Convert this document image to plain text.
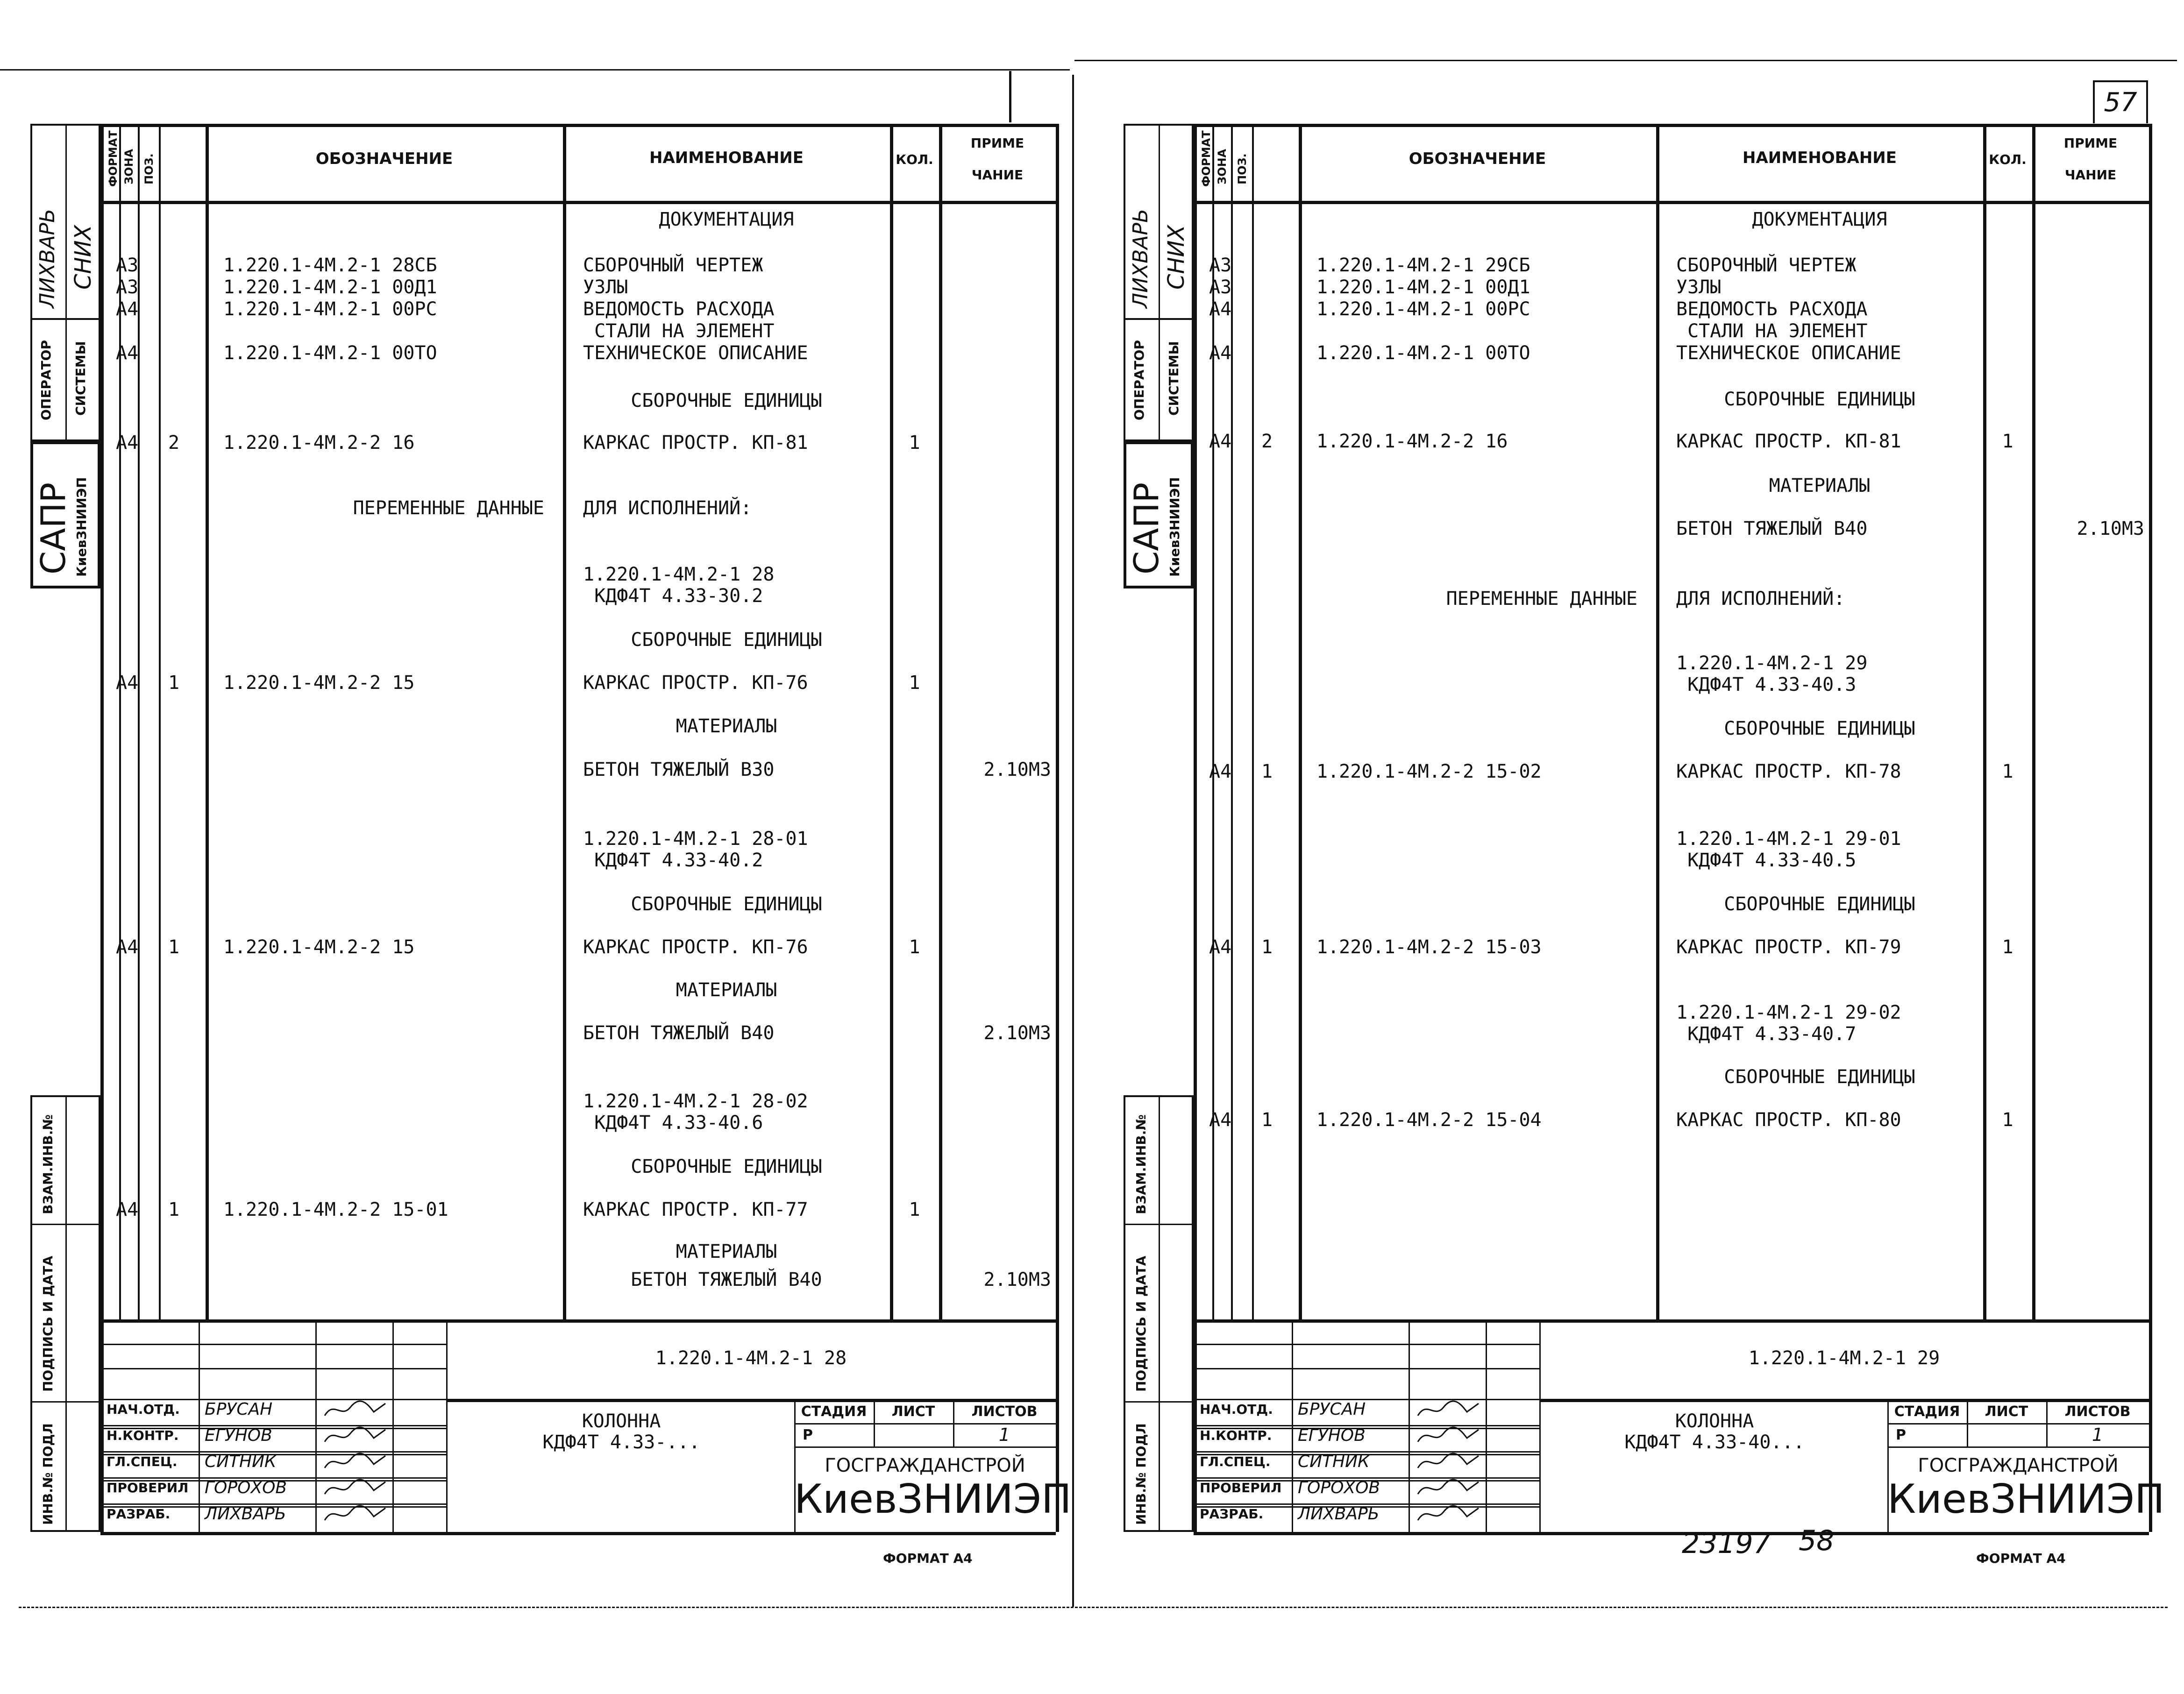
57
ФОРМАТ ЗОНА ПОЗ.	ОБОЗНАЧЕНИЕ	НАИМЕНОВАНИЕ	КОЛ.
ПРИМЕ
ЧАНИЕ
ДОКУМЕНТАЦИЯ
А3	1.220.1-4М.2-1 28СБ	СБОРОЧНЫЙ ЧЕРТЕЖ
А3	1.220.1-4М.2-1 00Д1	УЗЛЫ
А4	1.220.1-4М.2-1 00РС	ВЕДОМОСТЬ РАСХОДА
СТАЛИ НА ЭЛЕМЕНТ
А4	1.220.1-4М.2-1 00ТО	ТЕХНИЧЕСКОЕ ОПИСАНИЕ
СБОРОЧНЫЕ ЕДИНИЦЫ
А4 2 1.220.1-4М.2-2 16	КАРКАС ПРОСТР. КП-81	1
ПЕРЕМЕННЫЕ ДАННЫЕ ДЛЯ ИСПОЛНЕНИЙ:
1.220.1-4М.2-1 28
КДФ4Т 4.33-30.2
СБОРОЧНЫЕ ЕДИНИЦЫ
А4 1 1.220.1-4М.2-2 15	КАРКАС ПРОСТР. КП-76	1
МАТЕРИАЛЫ
БЕТОН ТЯЖЕЛЫЙ В30	2.10М3
1.220.1-4М.2-1 28-01
КДФ4Т 4.33-40.2
СБОРОЧНЫЕ ЕДИНИЦЫ
А4 1 1.220.1-4М.2-2 15	КАРКАС ПРОСТР. КП-76	1
МАТЕРИАЛЫ
БЕТОН ТЯЖЕЛЫЙ В40	2.10М3
1.220.1-4М.2-1 28-02
КДФ4Т 4.33-40.6
СБОРОЧНЫЕ ЕДИНИЦЫ
А4 1 1.220.1-4М.2-2 15-01	КАРКАС ПРОСТР. КП-77	1
МАТЕРИАЛЫ
БЕТОН ТЯЖЕЛЫЙ В40	2.10М3
1.220.1-4М.2-1 28
КОЛОННА
КДФ4Т 4.33-...
СТАДИЯ	ЛИСТ	ЛИСТОВ
Р	1
ГОСГРАЖДАНСТРОЙ
КиевЗНИИЭП
ФОРМАТ А4
НАЧ.ОТД. БРУСАН
Н.КОНТР. ЕГУНОВ
ГЛ.СПЕЦ. СИТНИК
ПРОВЕРИЛ ГОРОХОВ
РАЗРАБ. ЛИХВАРЬ
ЛИХВАРЬ СНИХ
ОПЕРАТОР СИСТЕМЫ
САПР КиевЗНИИЭП
ВЗАМ.ИНВ.№
ПОДПИСЬ И ДАТА
ИНВ.№ ПОДЛ
ФОРМАТ ЗОНА ПОЗ.	ОБОЗНАЧЕНИЕ	НАИМЕНОВАНИЕ	КОЛ.
ПРИМЕ
ЧАНИЕ
ДОКУМЕНТАЦИЯ
А3	1.220.1-4М.2-1 29СБ	СБОРОЧНЫЙ ЧЕРТЕЖ
А3	1.220.1-4М.2-1 00Д1	УЗЛЫ
А4	1.220.1-4М.2-1 00РС	ВЕДОМОСТЬ РАСХОДА
СТАЛИ НА ЭЛЕМЕНТ
А4	1.220.1-4М.2-1 00ТО	ТЕХНИЧЕСКОЕ ОПИСАНИЕ
СБОРОЧНЫЕ ЕДИНИЦЫ
А4 2 1.220.1-4М.2-2 16	КАРКАС ПРОСТР. КП-81	1
МАТЕРИАЛЫ
БЕТОН ТЯЖЕЛЫЙ В40	2.10М3
ПЕРЕМЕННЫЕ ДАННЫЕ ДЛЯ ИСПОЛНЕНИЙ:
1.220.1-4М.2-1 29
КДФ4Т 4.33-40.3
СБОРОЧНЫЕ ЕДИНИЦЫ
А4 1 1.220.1-4М.2-2 15-02	КАРКАС ПРОСТР. КП-78	1
1.220.1-4М.2-1 29-01
КДФ4Т 4.33-40.5
СБОРОЧНЫЕ ЕДИНИЦЫ
А4 1 1.220.1-4М.2-2 15-03	КАРКАС ПРОСТР. КП-79	1
1.220.1-4М.2-1 29-02
КДФ4Т 4.33-40.7
СБОРОЧНЫЕ ЕДИНИЦЫ
А4 1 1.220.1-4М.2-2 15-04	КАРКАС ПРОСТР. КП-80	1
1.220.1-4М.2-1 29
КОЛОННА
КДФ4Т 4.33-40...
СТАДИЯ	ЛИСТ	ЛИСТОВ
Р	1
ГОСГРАЖДАНСТРОЙ
КиевЗНИИЭП
ФОРМАТ А4
НАЧ.ОТД. БРУСАН
Н.КОНТР. ЕГУНОВ
ГЛ.СПЕЦ. СИТНИК
ПРОВЕРИЛ ГОРОХОВ
РАЗРАБ. ЛИХВАРЬ
ЛИХВАРЬ СНИХ
ОПЕРАТОР СИСТЕМЫ
САПР КиевЗНИИЭП
ВЗАМ.ИНВ.№
ПОДПИСЬ И ДАТА
ИНВ.№ ПОДЛ
23197 58
